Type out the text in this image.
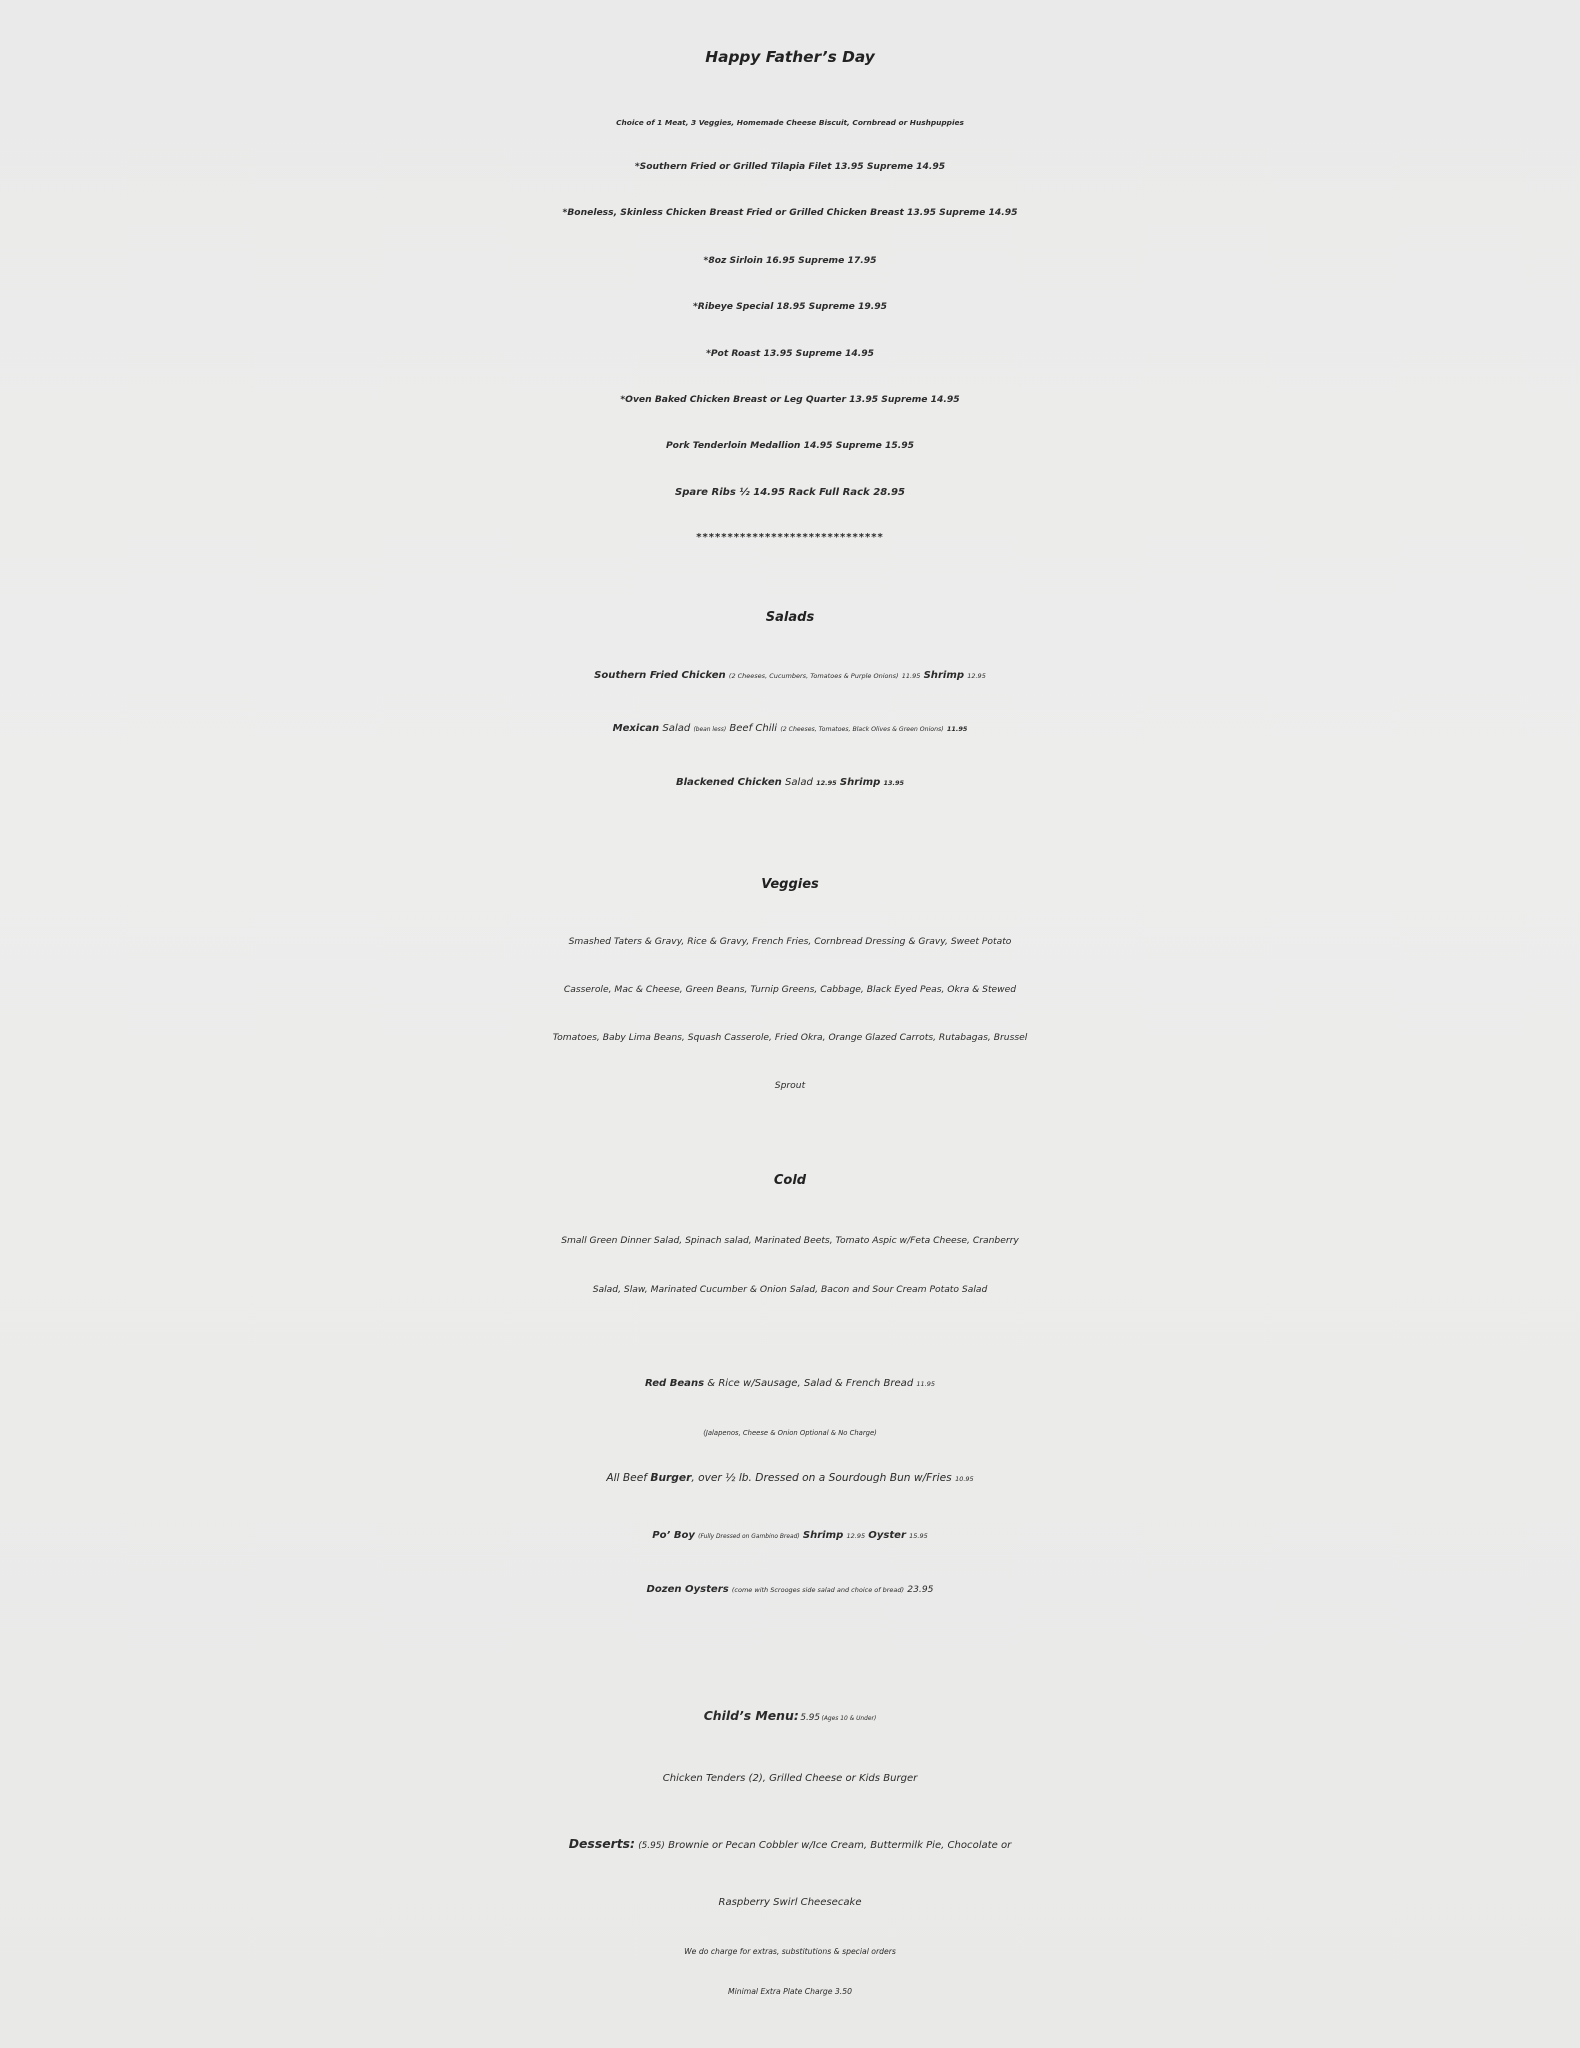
Happy Father’s Day
Choice of 1 Meat, 3 Veggies, Homemade Cheese Biscuit, Cornbread or Hushpuppies
*Southern Fried or Grilled Tilapia Filet 13.95 Supreme 14.95
*Boneless, Skinless Chicken Breast Fried or Grilled Chicken Breast 13.95 Supreme 14.95
*8oz Sirloin 16.95 Supreme 17.95
*Ribeye Special 18.95 Supreme 19.95
*Pot Roast 13.95 Supreme 14.95
*Oven Baked Chicken Breast or Leg Quarter 13.95 Supreme 14.95
Pork Tenderloin Medallion 14.95 Supreme 15.95
Spare Ribs ½ 14.95 Rack Full Rack 28.95
******************************
Salads
Southern Fried Chicken (2 Cheeses, Cucumbers, Tomatoes & Purple Onions) 11.95 Shrimp 12.95
Mexican Salad (bean less) Beef Chili (2 Cheeses, Tomatoes, Black Olives & Green Onions) 11.95
Blackened Chicken Salad 12.95 Shrimp 13.95
Veggies
Smashed Taters & Gravy, Rice & Gravy, French Fries, Cornbread Dressing & Gravy, Sweet Potato
Casserole, Mac & Cheese, Green Beans, Turnip Greens, Cabbage, Black Eyed Peas, Okra & Stewed
Tomatoes, Baby Lima Beans, Squash Casserole, Fried Okra, Orange Glazed Carrots, Rutabagas, Brussel
Sprout
Cold
Small Green Dinner Salad, Spinach salad, Marinated Beets, Tomato Aspic w/Feta Cheese, Cranberry
Salad, Slaw, Marinated Cucumber & Onion Salad, Bacon and Sour Cream Potato Salad
Red Beans & Rice w/Sausage, Salad & French Bread 11.95
(Jalapenos, Cheese & Onion Optional & No Charge)
All Beef Burger, over ½ lb. Dressed on a Sourdough Bun w/Fries 10.95
Po’ Boy (Fully Dressed on Gambino Bread) Shrimp 12.95 Oyster 15.95
Dozen Oysters (come with Scrooges side salad and choice of bread) 23.95
Child’s Menu: 5.95 (Ages 10 & Under)
Chicken Tenders (2), Grilled Cheese or Kids Burger
Desserts: (5.95) Brownie or Pecan Cobbler w/Ice Cream, Buttermilk Pie, Chocolate or
Raspberry Swirl Cheesecake
We do charge for extras, substitutions & special orders
Minimal Extra Plate Charge 3.50
